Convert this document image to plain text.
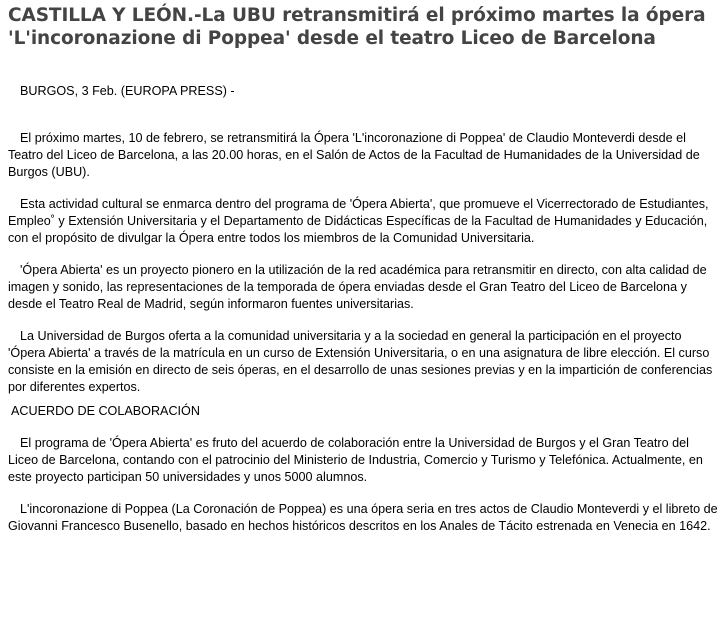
CASTILLA Y LEÓN.-La UBU retransmitirá el próximo martes la ópera 'L'incoronazione di Poppea' desde el teatro Liceo de Barcelona

BURGOS, 3 Feb. (EUROPA PRESS) -

El próximo martes, 10 de febrero, se retransmitirá la Ópera 'L'incoronazione di Poppea' de Claudio Monteverdi desde el Teatro del Liceo de Barcelona, a las 20.00 horas, en el Salón de Actos de la Facultad de Humanidades de la Universidad de Burgos (UBU).

Esta actividad cultural se enmarca dentro del programa de 'Ópera Abierta', que promueve el Vicerrectorado de Estudiantes, Empleo˚ y Extensión Universitaria y el Departamento de Didácticas Específicas de la Facultad de Humanidades y Educación, con el propósito de divulgar la Ópera entre todos los miembros de la Comunidad Universitaria.

'Ópera Abierta' es un proyecto pionero en la utilización de la red académica para retransmitir en directo, con alta calidad de imagen y sonido, las representaciones de la temporada de ópera enviadas desde el Gran Teatro del Liceo de Barcelona y desde el Teatro Real de Madrid, según informaron fuentes universitarias.

La Universidad de Burgos oferta a la comunidad universitaria y a la sociedad en general la participación en el proyecto 'Ópera Abierta' a través de la matrícula en un curso de Extensión Universitaria, o en una asignatura de libre elección. El curso consiste en la emisión en directo de seis óperas, en el desarrollo de unas sesiones previas y en la impartición de conferencias por diferentes expertos.

ACUERDO DE COLABORACIÓN

El programa de 'Ópera Abierta' es fruto del acuerdo de colaboración entre la Universidad de Burgos y el Gran Teatro del Liceo de Barcelona, contando con el patrocinio del Ministerio de Industria, Comercio y Turismo y Telefónica. Actualmente, en este proyecto participan 50 universidades y unos 5000 alumnos.

L'incoronazione di Poppea (La Coronación de Poppea) es una ópera seria en tres actos de Claudio Monteverdi y el libreto de Giovanni Francesco Busenello, basado en hechos históricos descritos en los Anales de Tácito estrenada en Venecia en 1642.
